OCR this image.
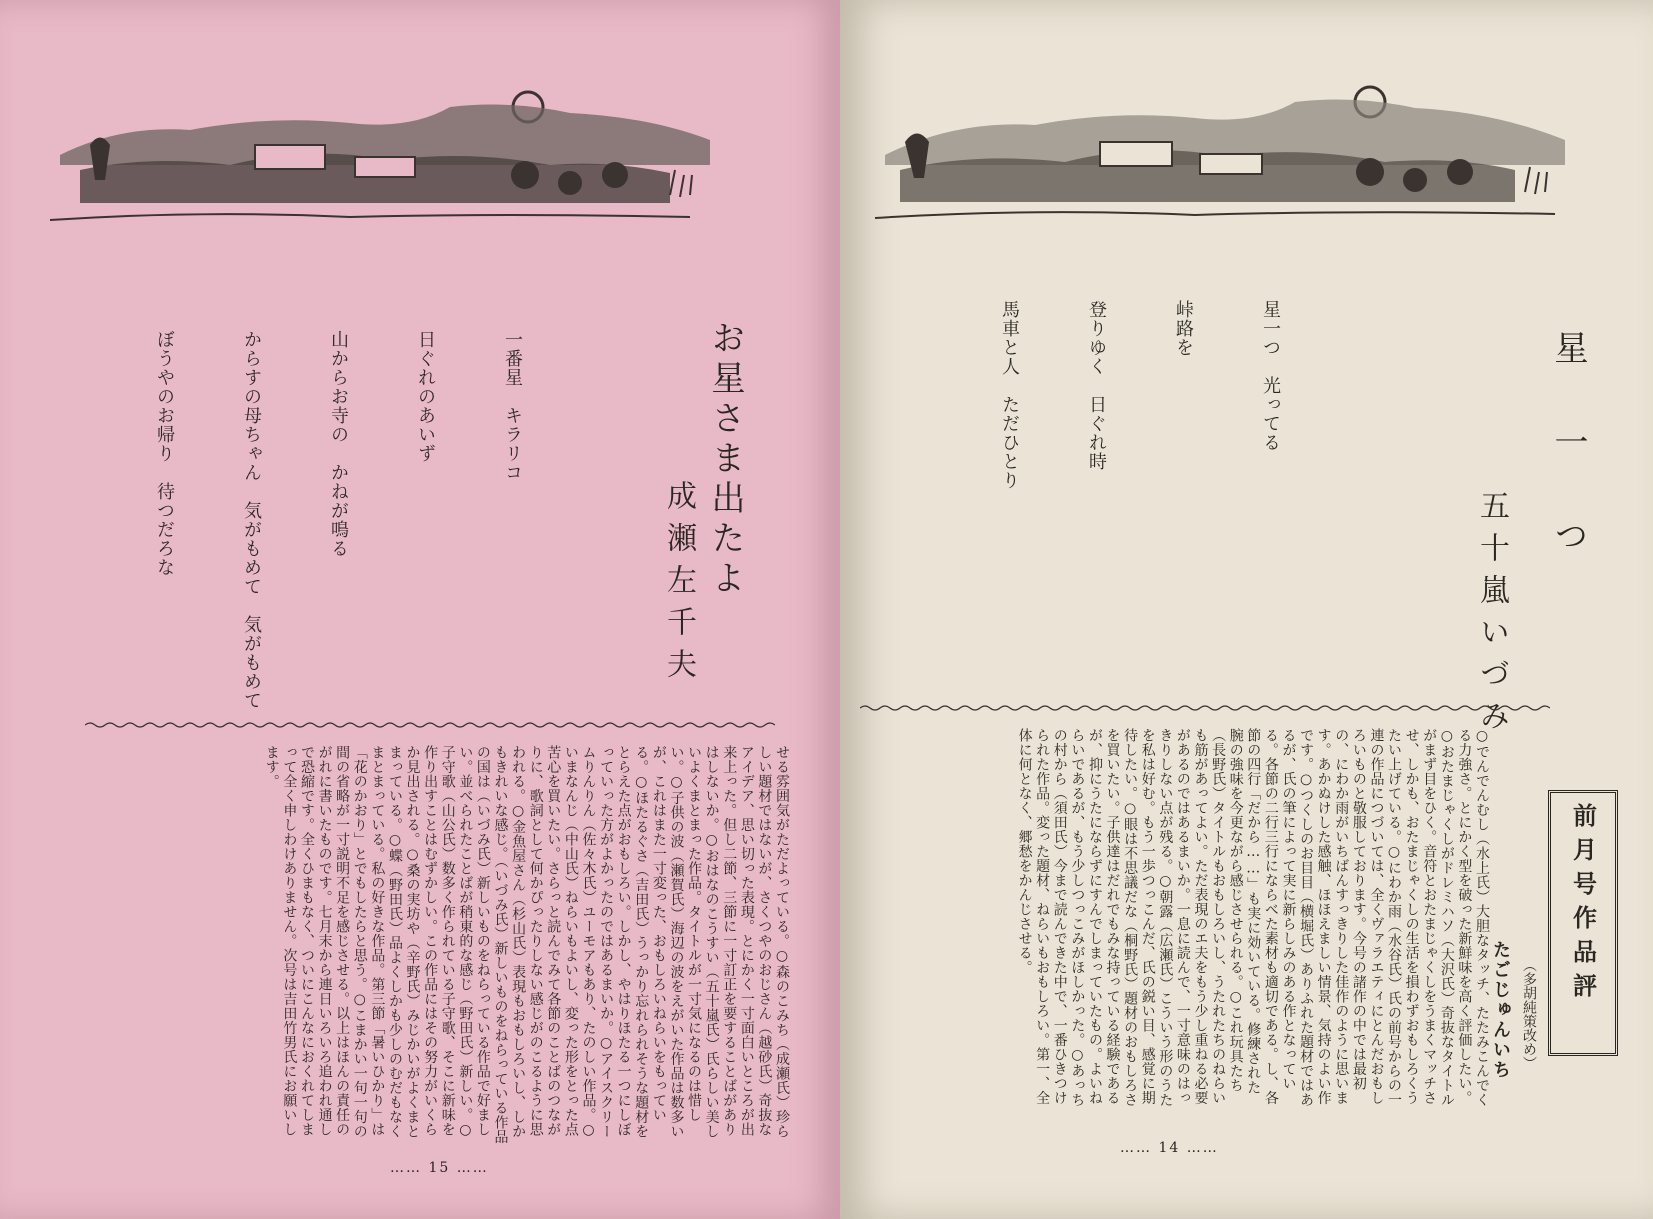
お星さま出たよ
成瀬左千夫

一番星　キラリコ

日ぐれのあいず

山からお寺の　かねが鳴る

からすの母ちゃん　気がもめて　気がもめて

ぼうやのお帰り　待つだろな

せる雰囲気がただよっている。○森のこみち（成瀬氏）珍らしい題材ではないが、さくつやのおじさん（越砂氏）奇抜なアイデア、思い切った表現。とにかく一寸面白いところが出来上った。但し二節、三節に一寸訂正を要することばがありはしないか。○おはなのこうすい（五十嵐氏）氏らしい美しいよくまとまった作品。タイトルが一寸気になるのは惜しい。○子供の波（瀬賀氏）海辺の波をえがいた作品は数多いが、これはまた一寸変った、おもしろいねらいをもっている。○ほたるぐさ（吉田氏）うっかり忘れられそうな題材をとらえた点がおもしろい。しかし、やはりほたる一つにしぼっていった方がよかったのではあるまいか。○アイスクリームりんりん（佐々木氏）ユーモアもあり、たのしい作品。○いまなんじ（中山氏）ねらいもよいし、変った形をとった点苦心を買いたい。さらっと読んでみて各節のことばのつながりに、歌詞として何かぴったりしない感じがのこるように思われる。○金魚屋さん（杉山氏）表現もおもしろいし、しかもきれいな感じ。（いづみ氏）新しいものをねらっている作品の国は（いづみ氏）新しいものをねらっている作品で好ましい。並べられたことばが稍東的な感じ（野田氏）新しい。○子守歌（山公氏）数多く作られている子守歌、そこに新味を作り出すことはむずかしい。この作品にはその努力がいくらか見出される。○桑の実坊や（辛野氏）みじかいがよくまとまっている。○蝶（野田氏）品よくしかも少しのむだもなくまとまっている。私の好きな作品。第三節「暑いひかり」は「花のかおり」とでもしたらと思う。○こまかい一句一句の間の省略が一寸説明不足を感じさせる。以上はほんの責任のがれに書いたものです。七月末から連日いろいろ追われ通しで恐縮です。全くひまもなく、ついにこんなにおくれてしまって全く申しわけありません。次号は吉田竹男氏にお願いします。
…… 15 ……
星一つ
五十嵐いづみ

星一つ　光ってる

峠路を

登りゆく　日ぐれ時

馬車と人　ただひとり

前月号作品評
たごじゅんいち （多胡純策改め）
○でんでんむし（水上氏）大胆なタッチ、たたみこんでくる力強さ。とにかく型を破った新鮮味を高く評価したい。○おたまじゃくしがドレミハソ（大沢氏）奇抜なタイトルがまず目をひく。音符とおたまじゃくしをうまくマッチさせ、しかも、おたまじゃくしの生活を損わずおもしろくうたい上げている。○にわか雨（水谷氏）氏の前号からの一連の作品につづいては、全くヴァラエティにとんだおもしろいものと敬服しております。今号の諸作の中では最初の、にわか雨がいちばんすっきりした佳作のように思います。あかぬけした感触、ほほえましい情景、気持のよい作です。○つくしのお目目（横堀氏）ありふれた題材ではあるが、氏の筆によって実に新らしみのある作となっている。各節の二行三行にならべた素材も適切である。し、各節の四行「だから……」も実に効いている。修練された腕の強味を今更ながら感じさせられる。○これ玩具たち（長野氏）タイトルもおもしろいし、うたれたちのねらいも筋があってよい。ただ表現のエ夫をもう少し重ねる必要があるのではあるまいか。一息に読んで、一寸意味のはっきりしない点が残る。○朝露（広瀬氏）こういう形のうたを私は好む。もう一歩つっこんだ、氏の鋭い目、感覚に期待したい。○眼は不思議だな（桐野氏）題材のおもしろさを買いたい。子供達はだれでもみな持っている経験であるが、抑にうたにならずにすんでしまっていたもの。よいねらいであるが、もう少しつっこみがほしかった。○あっちの村から（須田氏）今まで読んできた中で、一番ひきつけられた作品。変った題材、ねらいもおもしろい。第一、全体に何となく、郷愁をかんじさせる。
…… 14 ……
